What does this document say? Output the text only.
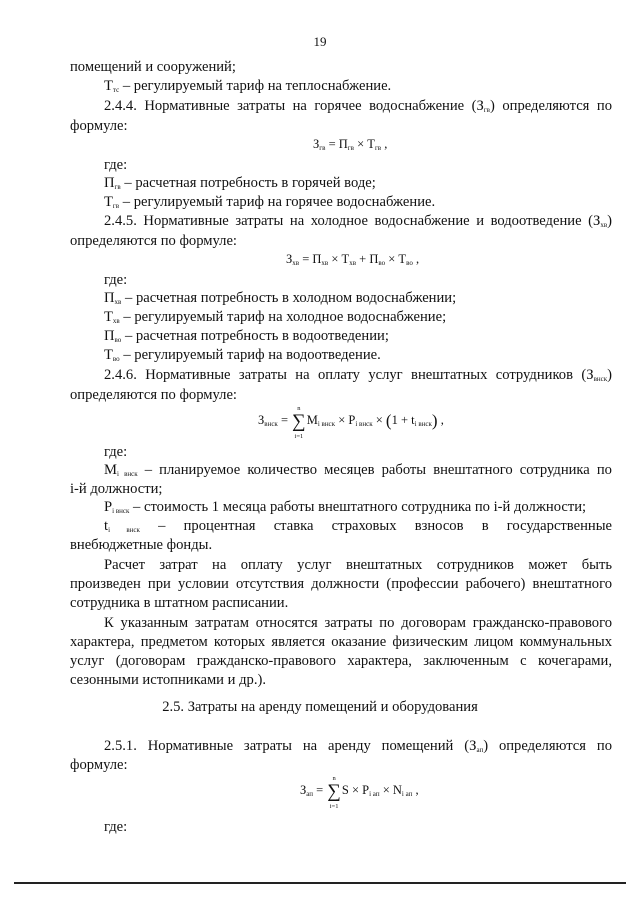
19
помещений и сооружений;
$Т_{тс}$ – регулируемый тариф на теплоснабжение.
2.4.4. Нормативные затраты на горячее водоснабжение $(З_{гв})$ определяются по
формуле:
$З_{гв} = П_{гв} \times Т_{гв}$ ,
где:
$П_{гв}$ – расчетная потребность в горячей воде;
$Т_{гв}$ – регулируемый тариф на горячее водоснабжение.
2.4.5. Нормативные затраты на холодное водоснабжение и водоотведение $(З_{хв})$
определяются по формуле:
$З_{хв} = П_{хв} \times Т_{хв} + П_{во} \times Т_{во}$ ,
где:
$П_{хв}$ – расчетная потребность в холодном водоснабжении;
$Т_{хв}$ – регулируемый тариф на холодное водоснабжение;
$П_{во}$ – расчетная потребность в водоотведении;
$Т_{во}$ – регулируемый тариф на водоотведение.
2.4.6. Нормативные затраты на оплату услуг внештатных сотрудников $(З_{внск})$
определяются по формуле:
$З_{внск}$ =
n
∑
i=1
$М_{i внск} \times Р_{i внск} \times (1 + t_{i внск})$ ,
где:
$М_{i внск}$ – планируемое количество месяцев работы внештатного сотрудника по
i-й должности;
$Р_{i внск}$ – стоимость 1 месяца работы внештатного сотрудника по i-й должности;
$t_{i внск}$ – процентная ставка страховых взносов в государственные
внебюджетные фонды.
Расчет затрат на оплату услуг внештатных сотрудников может быть
произведен при условии отсутствия должности (профессии рабочего) внештатного
сотрудника в штатном расписании.
К указанным затратам относятся затраты по договорам гражданско-правового
характера, предметом которых является оказание физическим лицом коммунальных
услуг (договорам гражданско-правового характера, заключенным с кочегарами,
сезонными истопниками и др.).
2.5. Затраты на аренду помещений и оборудования
2.5.1. Нормативные затраты на аренду помещений $(З_{ап})$ определяются по
формуле:
$З_{ап}$ =
n
∑
i=1
$S \times P_{i ап} \times N_{i ап}$ ,
где:
